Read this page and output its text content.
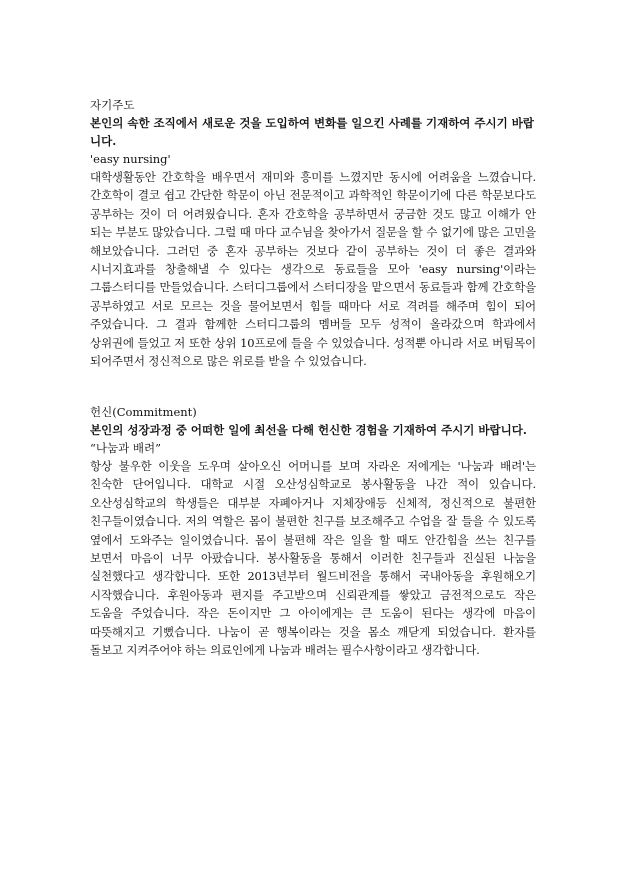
자기주도

본인의 속한 조직에서 새로운 것을 도입하여 변화를 일으킨 사례를 기재하여 주시기 바랍니다.

'easy nursing'

대학생활동안 간호학을 배우면서 재미와 흥미를 느꼈지만 동시에 어려움을 느꼈습니다. 간호학이 결코 쉽고 간단한 학문이 아닌 전문적이고 과학적인 학문이기에 다른 학문보다도 공부하는 것이 더 어려웠습니다. 혼자 간호학을 공부하면서 궁금한 것도 많고 이해가 안 되는 부분도 많았습니다. 그럴 때 마다 교수님을 찾아가서 질문을 할 수 없기에 많은 고민을 해보았습니다. 그러던 중 혼자 공부하는 것보다 같이 공부하는 것이 더 좋은 결과와 시너지효과를 창출해낼 수 있다는 생각으로 동료들을 모아 'easy nursing'이라는 그룹스터디를 만들었습니다. 스터디그룹에서 스터디장을 맡으면서 동료들과 함께 간호학을 공부하였고 서로 모르는 것을 물어보면서 힘들 때마다 서로 격려를 해주며 힘이 되어 주었습니다. 그 결과 함께한 스터디그룹의 멤버들 모두 성적이 올라갔으며 학과에서 상위권에 들었고 저 또한 상위 10프로에 들을 수 있었습니다. 성적뿐 아니라 서로 버팀목이 되어주면서 정신적으로 많은 위로를 받을 수 있었습니다.

헌신(Commitment)

본인의 성장과정 중 어떠한 일에 최선을 다해 헌신한 경험을 기재하여 주시기 바랍니다.

“나눔과 배려”

항상 불우한 이웃을 도우며 살아오신 어머니를 보며 자라온 저에게는 '나눔과 배려'는 친숙한 단어입니다. 대학교 시절 오산성심학교로 봉사활동을 나간 적이 있습니다. 오산성심학교의 학생들은 대부분 자폐아거나 지체장애등 신체적, 정신적으로 불편한 친구들이였습니다. 저의 역할은 몸이 불편한 친구를 보조해주고 수업을 잘 들을 수 있도록 옆에서 도와주는 일이였습니다. 몸이 불편해 작은 일을 할 때도 안간힘을 쓰는 친구를 보면서 마음이 너무 아팠습니다. 봉사활동을 통해서 이러한 친구들과 진실된 나눔을 실천했다고 생각합니다. 또한 2013년부터 월드비전을 통해서 국내아동을 후원해오기 시작했습니다. 후원아동과 편지를 주고받으며 신뢰관계를 쌓았고 금전적으로도 작은 도움을 주었습니다. 작은 돈이지만 그 아이에게는 큰 도움이 된다는 생각에 마음이 따뜻해지고 기뻤습니다. 나눔이 곧 행복이라는 것을 몸소 깨닫게 되었습니다. 환자를 돌보고 지켜주어야 하는 의료인에게 나눔과 배려는 필수사항이라고 생각합니다.
